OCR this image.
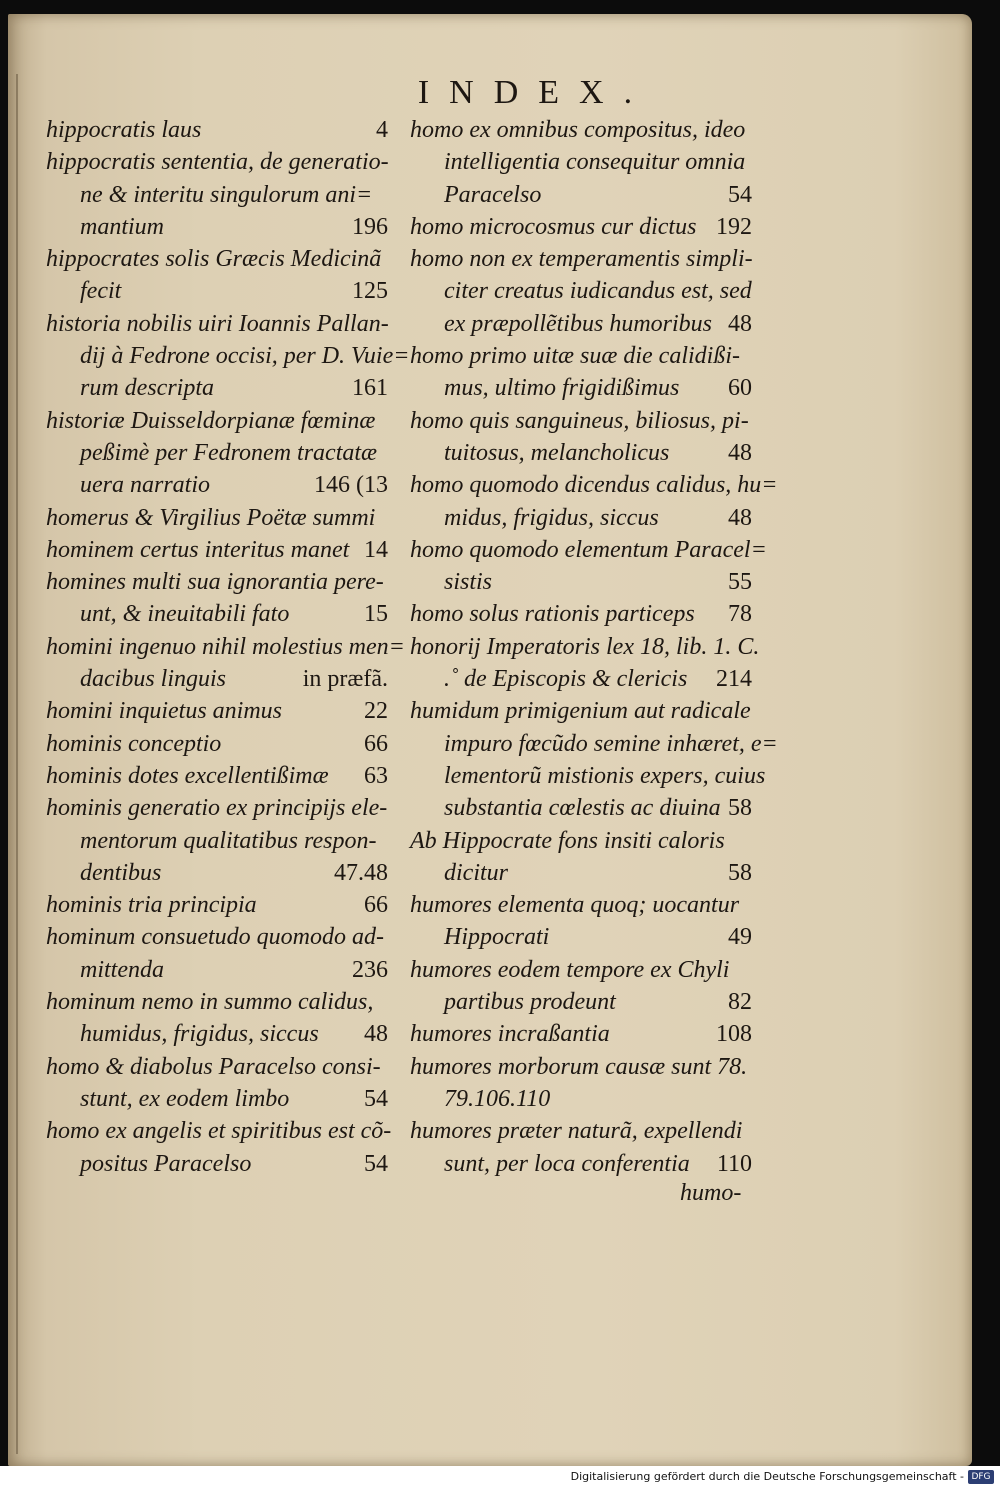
INDEX.
hippocratis laus	4
hippocratis sententia, de generatio-
ne & interitu singulorum ani=
mantium	196
hippocrates solis Græcis Medicinã
fecit	125
historia nobilis uiri Ioannis Pallan-
dij à Fedrone occisi, per D. Vuie=
rum descripta	161
historiæ Duisseldorpianæ fœminæ
peßimè per Fedronem tractatæ
uera narratio	146 (13
homerus & Virgilius Poëtæ summi
hominem certus interitus manet 14
homines multi sua ignorantia pere-
unt, & ineuitabili fato	15
homini ingenuo nihil molestius men=
dacibus linguis	in præfã.
homini inquietus animus	22
hominis conceptio	66
hominis dotes excellentißimæ 63
hominis generatio ex principijs ele-
mentorum qualitatibus respon-
dentibus	47.48
hominis tria principia	66
hominum consuetudo quomodo ad-
mittenda	236
hominum nemo in summo calidus,
humidus, frigidus, siccus 48
homo & diabolus Paracelso consi-
stunt, ex eodem limbo	54
homo ex angelis et spiritibus est cõ-
positus Paracelso	54
homo ex omnibus compositus, ideo
intelligentia consequitur omnia
Paracelso	54
homo microcosmus cur dictus 192
homo non ex temperamentis simpli-
citer creatus iudicandus est, sed
ex præpollẽtibus humoribus 48
homo primo uitæ suæ die calidißi-
mus, ultimo frigidißimus 60
homo quis sanguineus, biliosus, pi-
tuitosus, melancholicus 48
homo quomodo dicendus calidus, hu=
midus, frigidus, siccus	48
homo quomodo elementum Paracel=
sistis	55
homo solus rationis particeps 78
honorij Imperatoris lex 18, lib. 1. C.
.˚ de Episcopis & clericis 214
humidum primigenium aut radicale
impuro fœcũdo semine inhæret, e=
lementorũ mistionis expers, cuius
substantia cœlestis ac diuina 58
Ab Hippocrate fons insiti caloris
dicitur	58
humores elementa quoq; uocantur
Hippocrati	49
humores eodem tempore ex Chyli
partibus prodeunt	82
humores incraßantia	108
humores morborum causæ sunt 78.
79.106.110
humores præter naturã, expellendi
sunt, per loca conferentia 110
humo-
Digitalisierung gefördert durch die Deutsche Forschungsgemeinschaft - DFG
